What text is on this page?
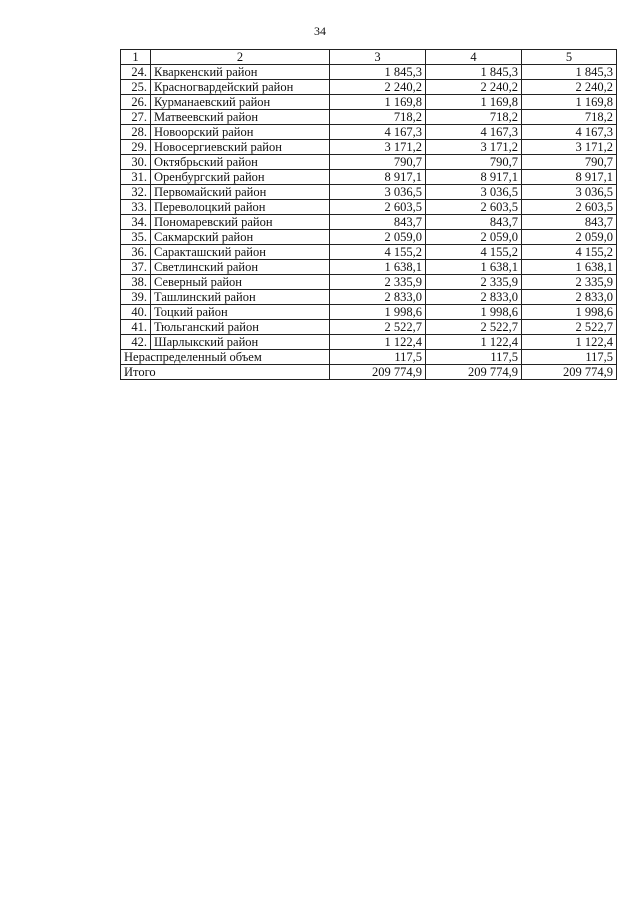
34
1	2	3	4	5
24.	Кваркенский район	1 845,3	1 845,3	1 845,3
25.	Красногвардейский район	2 240,2	2 240,2	2 240,2
26.	Курманаевский район	1 169,8	1 169,8	1 169,8
27.	Матвеевский район	718,2	718,2	718,2
28.	Новоорский район	4 167,3	4 167,3	4 167,3
29.	Новосергиевский район	3 171,2	3 171,2	3 171,2
30.	Октябрьский район	790,7	790,7	790,7
31.	Оренбургский район	8 917,1	8 917,1	8 917,1
32.	Первомайский район	3 036,5	3 036,5	3 036,5
33.	Переволоцкий район	2 603,5	2 603,5	2 603,5
34.	Пономаревский район	843,7	843,7	843,7
35.	Сакмарский район	2 059,0	2 059,0	2 059,0
36.	Саракташский район	4 155,2	4 155,2	4 155,2
37.	Светлинский район	1 638,1	1 638,1	1 638,1
38.	Северный район	2 335,9	2 335,9	2 335,9
39.	Ташлинский район	2 833,0	2 833,0	2 833,0
40.	Тоцкий район	1 998,6	1 998,6	1 998,6
41.	Тюльганский район	2 522,7	2 522,7	2 522,7
42.	Шарлыкский район	1 122,4	1 122,4	1 122,4
Нераспределенный объем		117,5	117,5	117,5
Итого		209 774,9	209 774,9	209 774,9
